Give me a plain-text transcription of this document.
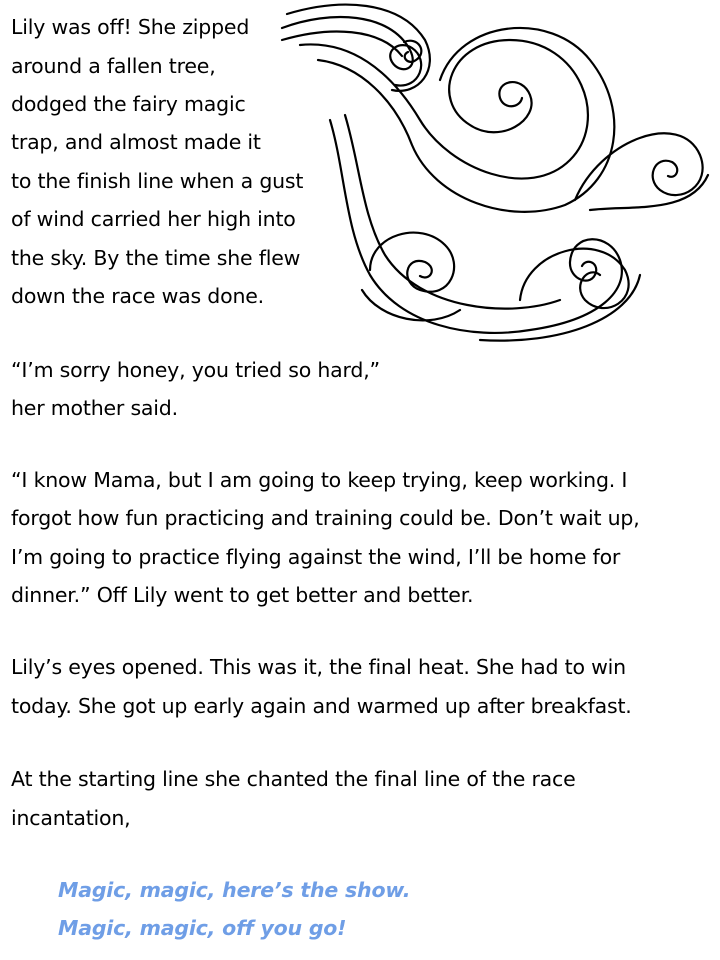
Lily was off! She zipped
around a fallen tree,
dodged the fairy magic
trap, and almost made it
to the finish line when a gust
of wind carried her high into
the sky. By the time she flew
down the race was done.
“I’m sorry honey, you tried so hard,”
her mother said.
“I know Mama, but I am going to keep trying, keep working. I
forgot how fun practicing and training could be. Don’t wait up,
I’m going to practice flying against the wind, I’ll be home for
dinner.” Off Lily went to get better and better.
Lily’s eyes opened. This was it, the final heat. She had to win
today. She got up early again and warmed up after breakfast.
At the starting line she chanted the final line of the race
incantation,
Magic, magic, here’s the show.
Magic, magic, off you go!
